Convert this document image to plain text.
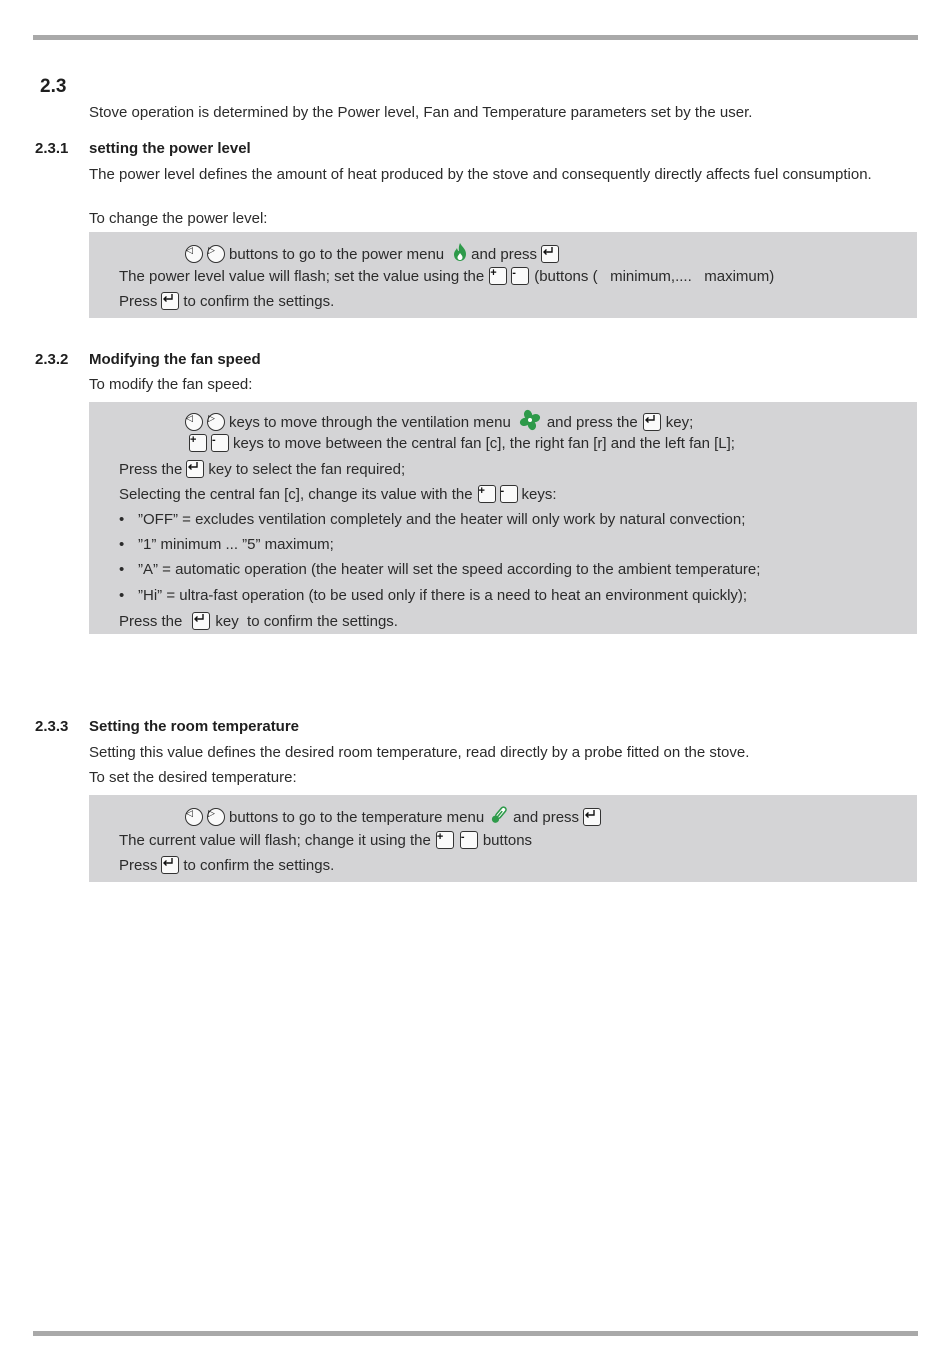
2.3
Stove operation is determined by the Power level, Fan and Temperature parameters set by the user.
2.3.1 setting the power level
The power level defines the amount of heat produced by the stove and consequently directly affects fuel consumption.
To change the power level:
◁	▷ buttons to go to the power menu and press
The power level value will flash; set the value using the +	-	(buttons (   minimum,....   maximum)
Press to confirm the settings.
2.3.2 Modifying the fan speed
To modify the fan speed:
◁	▷ keys to move through the ventilation menu and press the key;
+	-	keys to move between the central fan [c], the right fan [r] and the left fan [L];
Press the key to select the fan required;
Selecting the central fan [c], change its value with the +	-	keys:
• ”OFF” = excludes ventilation completely and the heater will only work by natural convection;
• ”1” minimum ... ”5” maximum;
• ”A” = automatic operation (the heater will set the speed according to the ambient temperature;
• ”Hi” = ultra-fast operation (to be used only if there is a need to heat an environment quickly);
Press the key  to confirm the settings.
2.3.3 Setting the room temperature
Setting this value defines the desired room temperature, read directly by a probe fitted on the stove.
To set the desired temperature:
◁	▷ buttons to go to the temperature menu and press
The current value will flash; change it using the +	-	buttons
Press to confirm the settings.
